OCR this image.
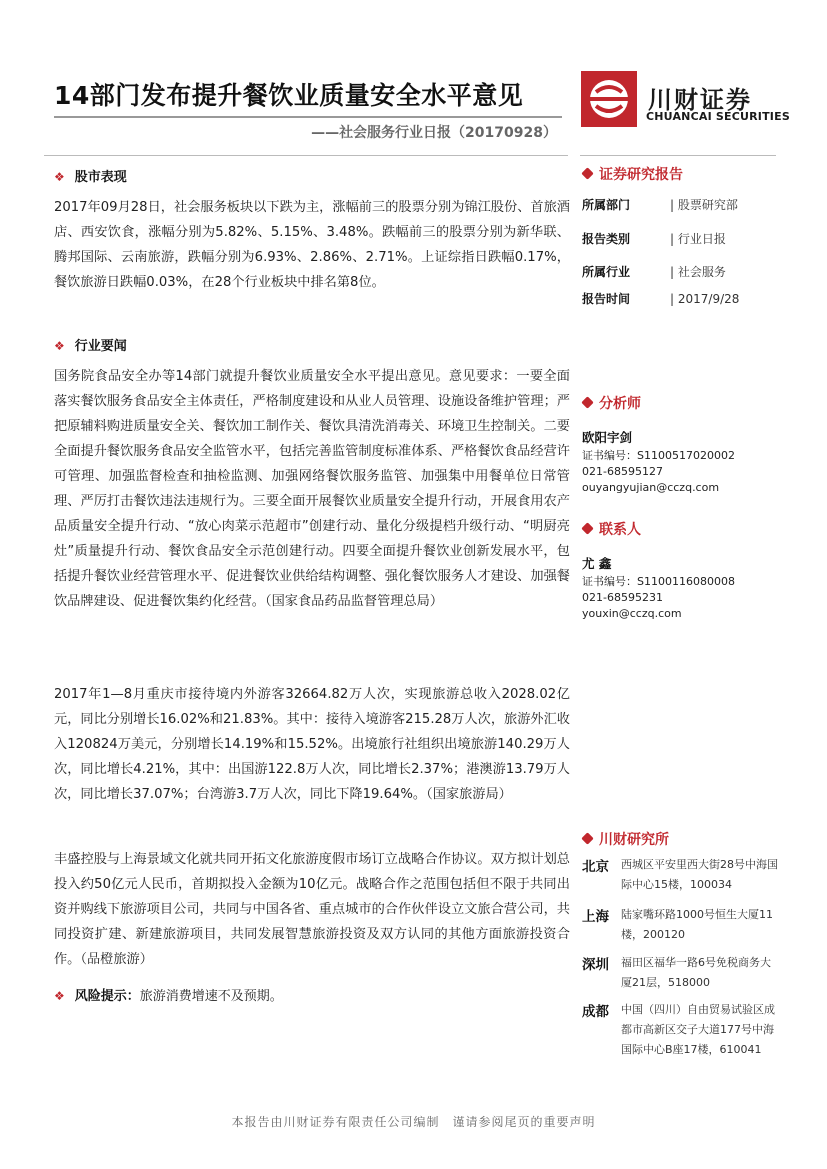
14部门发布提升餐饮业质量安全水平意见
——社会服务行业日报（20170928）
川财证券
CHUANCAI SECURITIES
❖ 股市表现
2017年09月28日，社会服务板块以下跌为主，涨幅前三的股票分别为锦江股份、首旅酒店、西安饮食，涨幅分别为5.82%、5.15%、3.48%。跌幅前三的股票分别为新华联、腾邦国际、云南旅游，跌幅分别为6.93%、2.86%、2.71%。上证综指日跌幅0.17%，餐饮旅游日跌幅0.03%，在28个行业板块中排名第8位。
❖ 行业要闻
国务院食品安全办等14部门就提升餐饮业质量安全水平提出意见。意见要求：一要全面落实餐饮服务食品安全主体责任，严格制度建设和从业人员管理、设施设备维护管理；严把原辅料购进质量安全关、餐饮加工制作关、餐饮具清洗消毒关、环境卫生控制关。二要全面提升餐饮服务食品安全监管水平，包括完善监管制度标准体系、严格餐饮食品经营许可管理、加强监督检查和抽检监测、加强网络餐饮服务监管、加强集中用餐单位日常管理、严厉打击餐饮违法违规行为。三要全面开展餐饮业质量安全提升行动，开展食用农产品质量安全提升行动、“放心肉菜示范超市”创建行动、量化分级提档升级行动、“明厨亮灶”质量提升行动、餐饮食品安全示范创建行动。四要全面提升餐饮业创新发展水平，包括提升餐饮业经营管理水平、促进餐饮业供给结构调整、强化餐饮服务人才建设、加强餐饮品牌建设、促进餐饮集约化经营。（国家食品药品监督管理总局）
2017年1—8月重庆市接待境内外游客32664.82万人次，实现旅游总收入2028.02亿元，同比分别增长16.02%和21.83%。其中：接待入境游客215.28万人次，旅游外汇收入120824万美元，分别增长14.19%和15.52%。出境旅行社组织出境旅游140.29万人次，同比增长4.21%，其中：出国游122.8万人次，同比增长2.37%；港澳游13.79万人次，同比增长37.07%；台湾游3.7万人次，同比下降19.64%。（国家旅游局）
丰盛控股与上海景域文化就共同开拓文化旅游度假市场订立战略合作协议。双方拟计划总投入约50亿元人民币，首期拟投入金额为10亿元。战略合作之范围包括但不限于共同出资并购线下旅游项目公司，共同与中国各省、重点城市的合作伙伴设立文旅合营公司，共同投资扩建、新建旅游项目，共同发展智慧旅游投资及双方认同的其他方面旅游投资合作。（品橙旅游）
❖ 风险提示：旅游消费增速不及预期。
证券研究报告
所属部门	| 股票研究部
报告类别	| 行业日报
所属行业	| 社会服务
报告时间	| 2017/9/28
分析师
欧阳宇剑
证书编号：S1100517020002
021-68595127
ouyangyujian@cczq.com
联系人
尤 鑫
证书编号：S1100116080008
021-68595231
youxin@cczq.com
川财研究所
北京 西城区平安里西大街28号中海国际中心15楼，100034
上海 陆家嘴环路1000号恒生大厦11楼，200120
深圳 福田区福华一路6号免税商务大厦21层，518000
成都 中国（四川）自由贸易试验区成都市高新区交子大道177号中海国际中心B座17楼，610041
本报告由川财证券有限责任公司编制　谨请参阅尾页的重要声明
